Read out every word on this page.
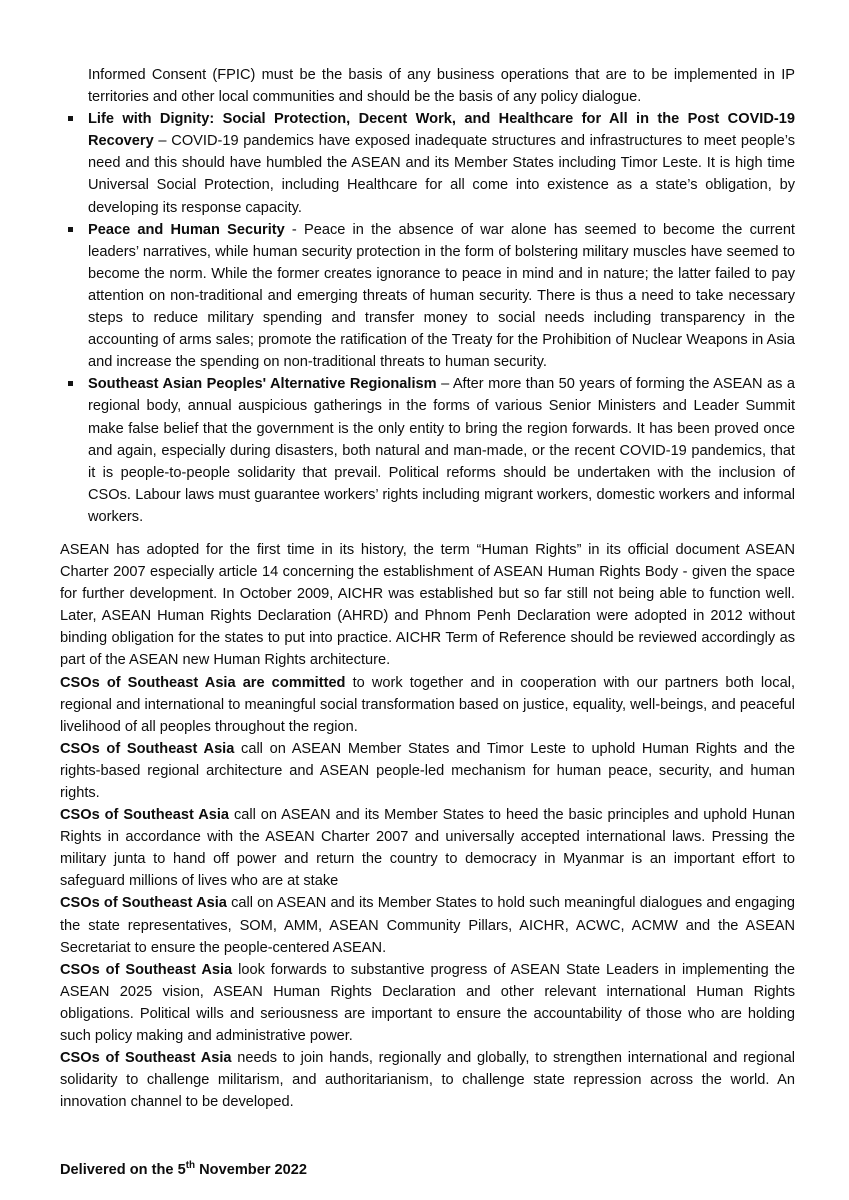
Informed Consent (FPIC) must be the basis of any business operations that are to be implemented in IP territories and other local communities and should be the basis of any policy dialogue.

Life with Dignity: Social Protection, Decent Work, and Healthcare for All in the Post COVID-19 Recovery – COVID-19 pandemics have exposed inadequate structures and infrastructures to meet people’s need and this should have humbled the ASEAN and its Member States including Timor Leste. It is high time Universal Social Protection, including Healthcare for all come into existence as a state’s obligation, by developing its response capacity.
Peace and Human Security - Peace in the absence of war alone has seemed to become the current leaders’ narratives, while human security protection in the form of bolstering military muscles have seemed to become the norm. While the former creates ignorance to peace in mind and in nature; the latter failed to pay attention on non-traditional and emerging threats of human security. There is thus a need to take necessary steps to reduce military spending and transfer money to social needs including transparency in the accounting of arms sales; promote the ratification of the Treaty for the Prohibition of Nuclear Weapons in Asia and increase the spending on non-traditional threats to human security.
Southeast Asian Peoples' Alternative Regionalism – After more than 50 years of forming the ASEAN as a regional body, annual auspicious gatherings in the forms of various Senior Ministers and Leader Summit make false belief that the government is the only entity to bring the region forwards. It has been proved once and again, especially during disasters, both natural and man-made, or the recent COVID-19 pandemics, that it is people-to-people solidarity that prevail. Political reforms should be undertaken with the inclusion of CSOs. Labour laws must guarantee workers’ rights including migrant workers, domestic workers and informal workers.

ASEAN has adopted for the first time in its history, the term “Human Rights” in its official document ASEAN Charter 2007 especially article 14 concerning the establishment of ASEAN Human Rights Body - given the space for further development. In October 2009, AICHR was established but so far still not being able to function well. Later, ASEAN Human Rights Declaration (AHRD) and Phnom Penh Declaration were adopted in 2012 without binding obligation for the states to put into practice. AICHR Term of Reference should be reviewed accordingly as part of the ASEAN new Human Rights architecture.

CSOs of Southeast Asia are committed to work together and in cooperation with our partners both local, regional and international to meaningful social transformation based on justice, equality, well-beings, and peaceful livelihood of all peoples throughout the region.

CSOs of Southeast Asia call on ASEAN Member States and Timor Leste to uphold Human Rights and the rights-based regional architecture and ASEAN people-led mechanism for human peace, security, and human rights.

CSOs of Southeast Asia call on ASEAN and its Member States to heed the basic principles and uphold Hunan Rights in accordance with the ASEAN Charter 2007 and universally accepted international laws. Pressing the military junta to hand off power and return the country to democracy in Myanmar is an important effort to safeguard millions of lives who are at stake

CSOs of Southeast Asia call on ASEAN and its Member States to hold such meaningful dialogues and engaging the state representatives, SOM, AMM, ASEAN Community Pillars, AICHR, ACWC, ACMW and the ASEAN Secretariat to ensure the people-centered ASEAN.

CSOs of Southeast Asia look forwards to substantive progress of ASEAN State Leaders in implementing the ASEAN 2025 vision, ASEAN Human Rights Declaration and other relevant international Human Rights obligations. Political wills and seriousness are important to ensure the accountability of those who are holding such policy making and administrative power.

CSOs of Southeast Asia needs to join hands, regionally and globally, to strengthen international and regional solidarity to challenge militarism, and authoritarianism, to challenge state repression across the world. An innovation channel to be developed.

Delivered on the 5th November 2022
